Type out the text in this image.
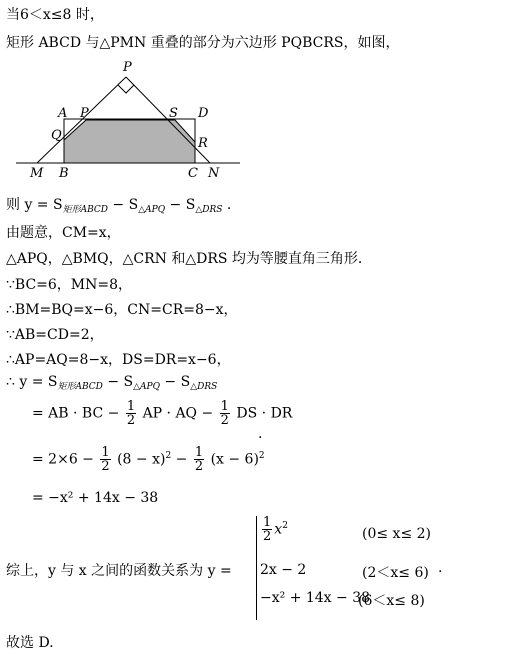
当6＜x≤8 时，
矩形 ABCD 与△PMN 重叠的部分为六边形 PQBCRS，如图，
P
A P	S D
Q
R
M B	C N
则 $y = S_{矩形ABCD} - S_{\triangle APQ} - S_{\triangle DRS}$ .
由题意，CM=x，
△APQ，△BMQ，△CRN 和△DRS 均为等腰直角三角形．
∵BC=6，MN=8，
∴BM=BQ=x−6，CN=CR=8−x，
∵AB=CD=2，
∴AP=AQ=8−x，DS=DR=x−6，
∴ $y = S_{矩形ABCD} - S_{\triangle APQ} - S_{\triangle DRS}$
= AB · BC − $\frac{1}{2}$ AP · AQ − $\frac{1}{2}$ DS · DR
.
= $2\times 6 - \frac{1}{2} (8 - x)^2 - \frac{1}{2} (x - 6)^2$
= −x² + 14x − 38
综上，y 与 x 之间的函数关系为 y =
$\frac{1}{2} x^2$
(0≤ x≤ 2)
2x − 2	(2＜x≤ 6) .
−x² + 14x − 38
(6＜x≤ 8)
故选 D.
